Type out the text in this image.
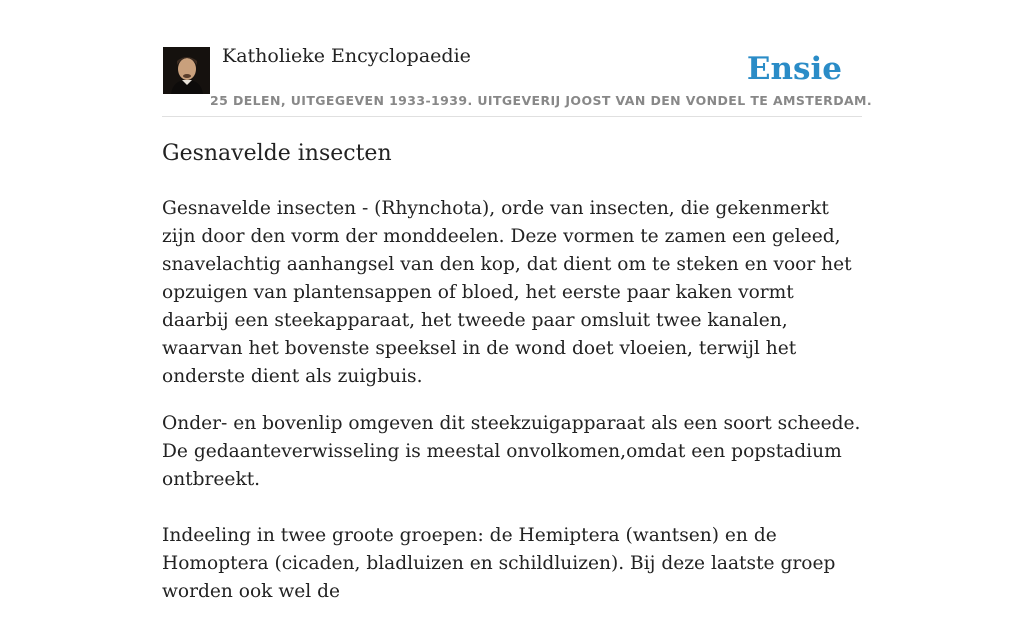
Katholieke Encyclopaedie
25 DELEN, UITGEGEVEN 1933-1939. UITGEVERIJ JOOST VAN DEN VONDEL TE AMSTERDAM.
Ensie
Gesnavelde insecten

Gesnavelde insecten - (Rhynchota), orde van insecten, die gekenmerkt zijn door den vorm der monddeelen. Deze vormen te zamen een geleed, snavelachtig aanhangsel van den kop, dat dient om te steken en voor het opzuigen van plantensappen of bloed, het eerste paar kaken vormt daarbij een steekapparaat, het tweede paar omsluit twee kanalen, waarvan het bovenste speeksel in de wond doet vloeien, terwijl het onderste dient als zuigbuis.

Onder- en bovenlip omgeven dit steekzuigapparaat als een soort scheede. De gedaanteverwisseling is meestal onvolkomen,omdat een popstadium ontbreekt.

Indeeling in twee groote groepen: de Hemiptera (wantsen) en de Homoptera (cicaden, bladluizen en schildluizen). Bij deze laatste groep worden ook wel de
